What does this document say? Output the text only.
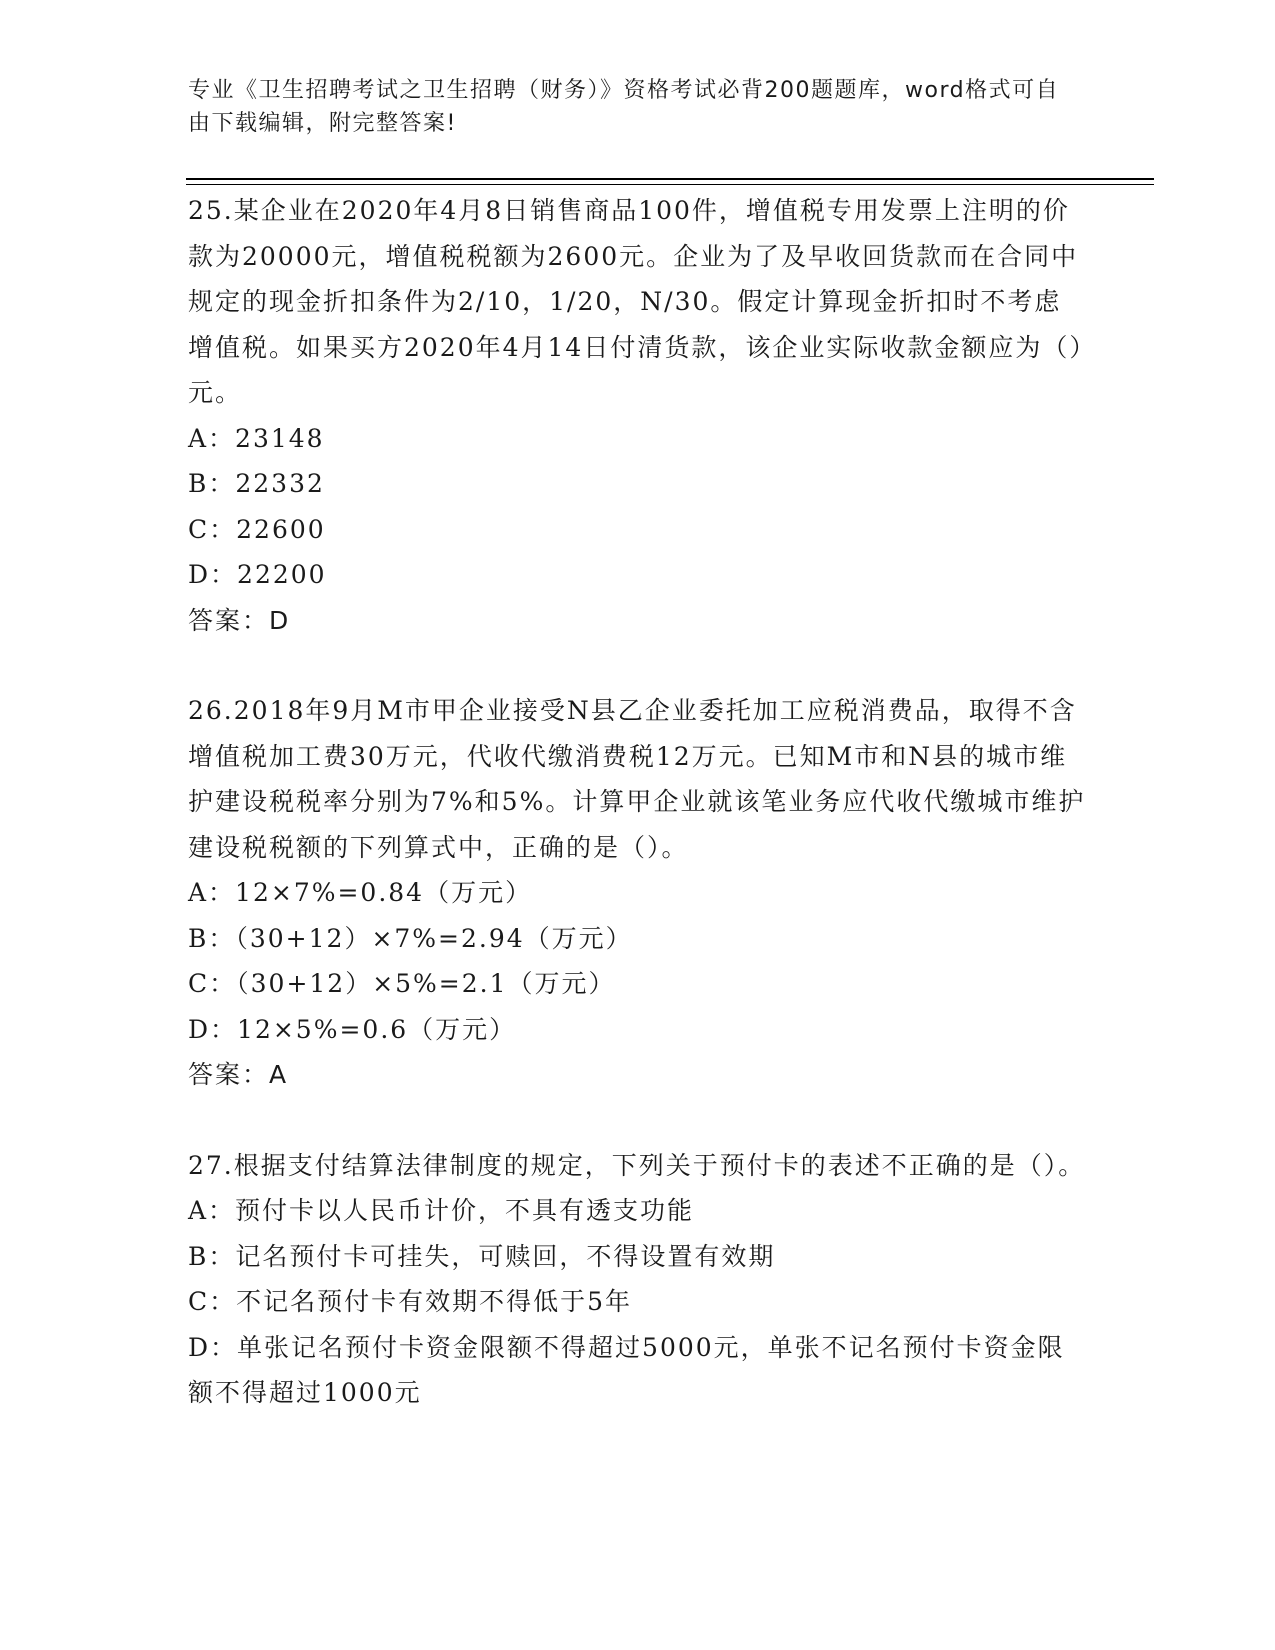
专业《卫生招聘考试之卫生招聘（财务）》资格考试必背200题题库，word格式可自由下载编辑，附完整答案!

25.某企业在2020年4月8日销售商品100件，增值税专用发票上注明的价款为20000元，增值税税额为2600元。企业为了及早收回货款而在合同中规定的现金折扣条件为2/10，1/20，N/30。假定计算现金折扣时不考虑增值税。如果买方2020年4月14日付清货款，该企业实际收款金额应为（）元。

A：23148

B：22332

C：22600

D：22200

答案：D

26.2018年9月M市甲企业接受N县乙企业委托加工应税消费品，取得不含增值税加工费30万元，代收代缴消费税12万元。已知M市和N县的城市维护建设税税率分别为7%和5%。计算甲企业就该笔业务应代收代缴城市维护建设税税额的下列算式中，正确的是（）。

A：12×7%=0.84（万元）

B：（30+12）×7%=2.94（万元）

C：（30+12）×5%=2.1（万元）

D：12×5%=0.6（万元）

答案：A

27.根据支付结算法律制度的规定，下列关于预付卡的表述不正确的是（）。

A：预付卡以人民币计价，不具有透支功能

B：记名预付卡可挂失，可赎回，不得设置有效期

C：不记名预付卡有效期不得低于5年

D：单张记名预付卡资金限额不得超过5000元，单张不记名预付卡资金限额不得超过1000元
